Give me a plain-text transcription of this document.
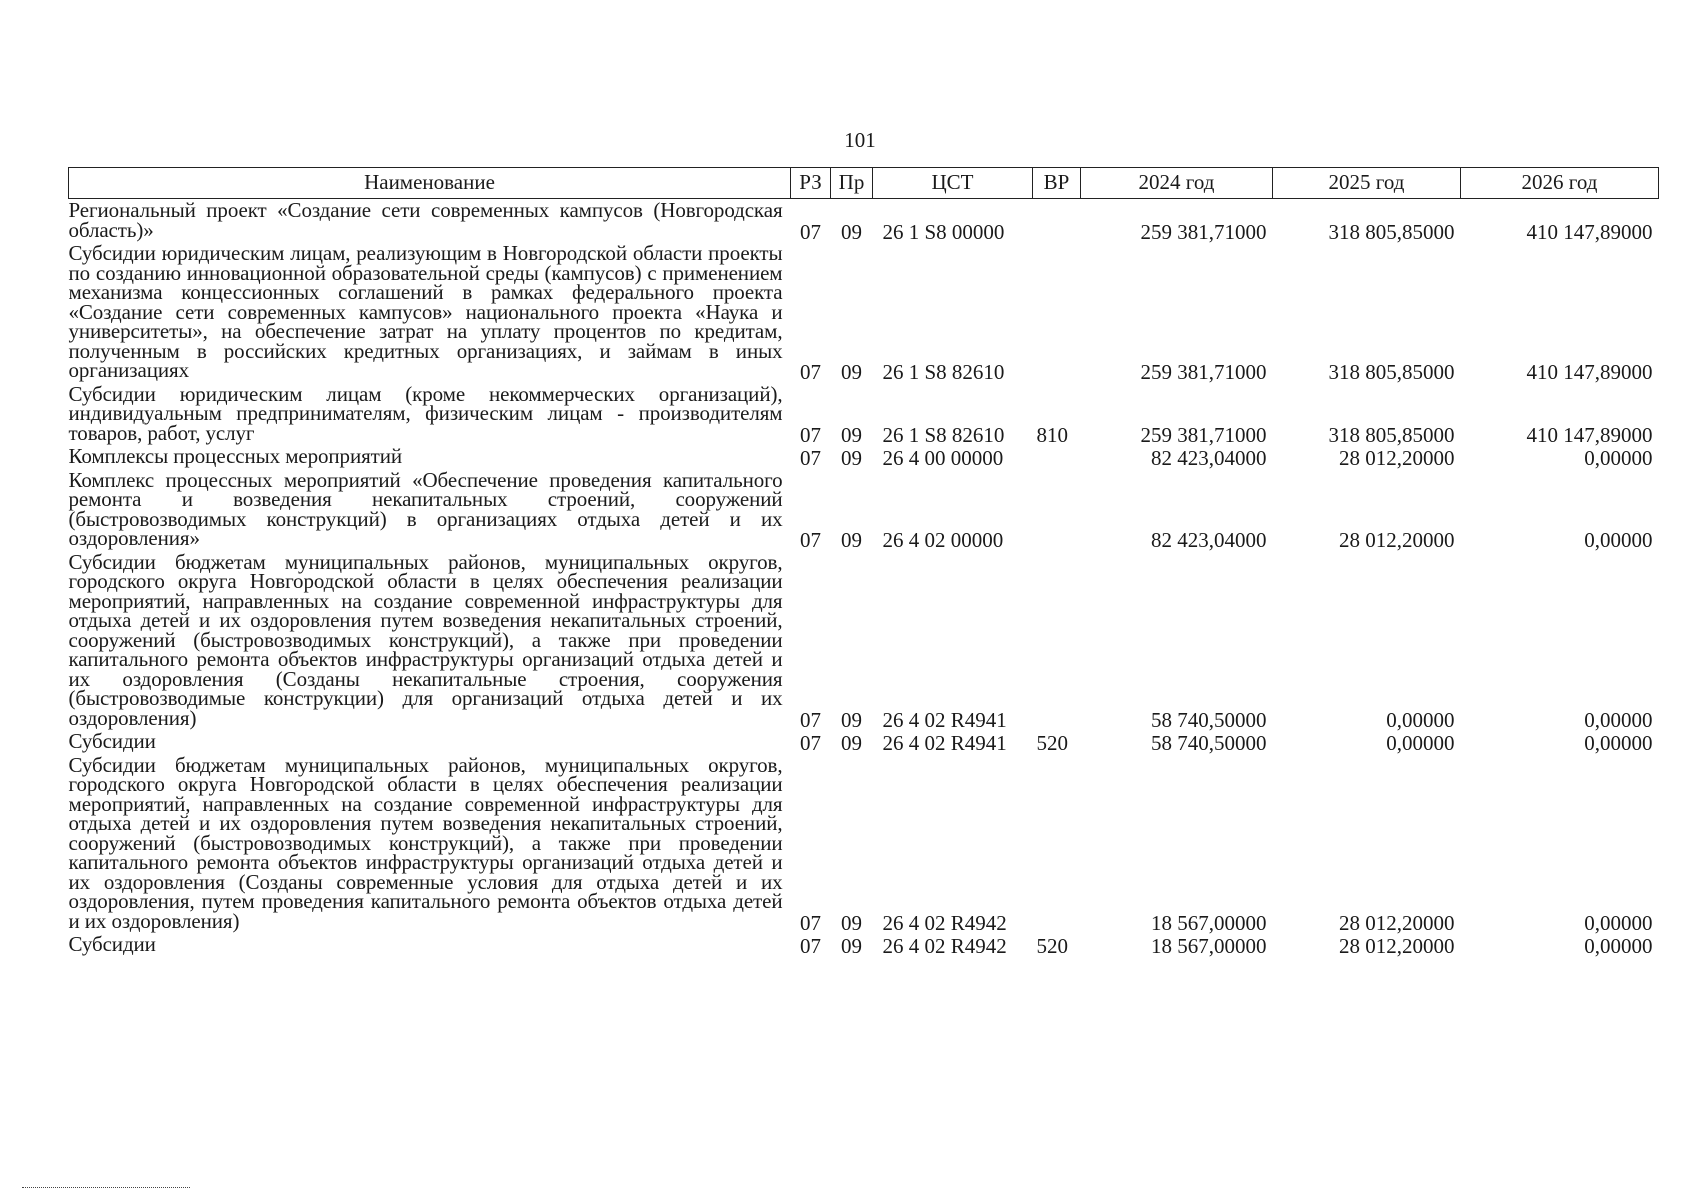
101
Наименование	РЗ	Пр	ЦСТ	ВР	2024 год	2025 год	2026 год
Региональный проект «Создание сети современных кампусов (Новгородская область)»	07	09	26 1 S8 00000		259 381,71000	318 805,85000	410 147,89000
Субсидии юридическим лицам, реализующим в Новгородской области проекты по созданию инновационной образовательной среды (кампусов) с применением механизма концессионных соглашений в рамках федерального проекта «Создание сети современных кампусов» национального проекта «Наука и университеты», на обеспечение затрат на уплату процентов по кредитам, полученным в российских кредитных организациях, и займам в иных организациях	07	09	26 1 S8 82610		259 381,71000	318 805,85000	410 147,89000
Субсидии юридическим лицам (кроме некоммерческих организаций), индивидуальным предпринимателям, физическим лицам - производителям товаров, работ, услуг	07	09	26 1 S8 82610	810	259 381,71000	318 805,85000	410 147,89000
Комплексы процессных мероприятий	07	09	26 4 00 00000		82 423,04000	28 012,20000	0,00000
Комплекс процессных мероприятий «Обеспечение проведения капитального ремонта и возведения некапитальных строений, сооружений (быстровозводимых конструкций) в организациях отдыха детей и их оздоровления»	07	09	26 4 02 00000		82 423,04000	28 012,20000	0,00000
Субсидии бюджетам муниципальных районов, муниципальных округов, городского округа Новгородской области в целях обеспечения реализации мероприятий, направленных на создание современной инфраструктуры для отдыха детей и их оздоровления путем возведения некапитальных строений, сооружений (быстровозводимых конструкций), а также при проведении капитального ремонта объектов инфраструктуры организаций отдыха детей и их оздоровления (Созданы некапитальные строения, сооружения (быстровозводимые конструкции) для организаций отдыха детей и их оздоровления)	07	09	26 4 02 R4941		58 740,50000	0,00000	0,00000
Субсидии	07	09	26 4 02 R4941	520	58 740,50000	0,00000	0,00000
Субсидии бюджетам муниципальных районов, муниципальных округов, городского округа Новгородской области в целях обеспечения реализации мероприятий, направленных на создание современной инфраструктуры для отдыха детей и их оздоровления путем возведения некапитальных строений, сооружений (быстровозводимых конструкций), а также при проведении капитального ремонта объектов инфраструктуры организаций отдыха детей и их оздоровления (Созданы современные условия для отдыха детей и их оздоровления, путем проведения капитального ремонта объектов отдыха детей и их оздоровления)	07	09	26 4 02 R4942		18 567,00000	28 012,20000	0,00000
Субсидии	07	09	26 4 02 R4942	520	18 567,00000	28 012,20000	0,00000
